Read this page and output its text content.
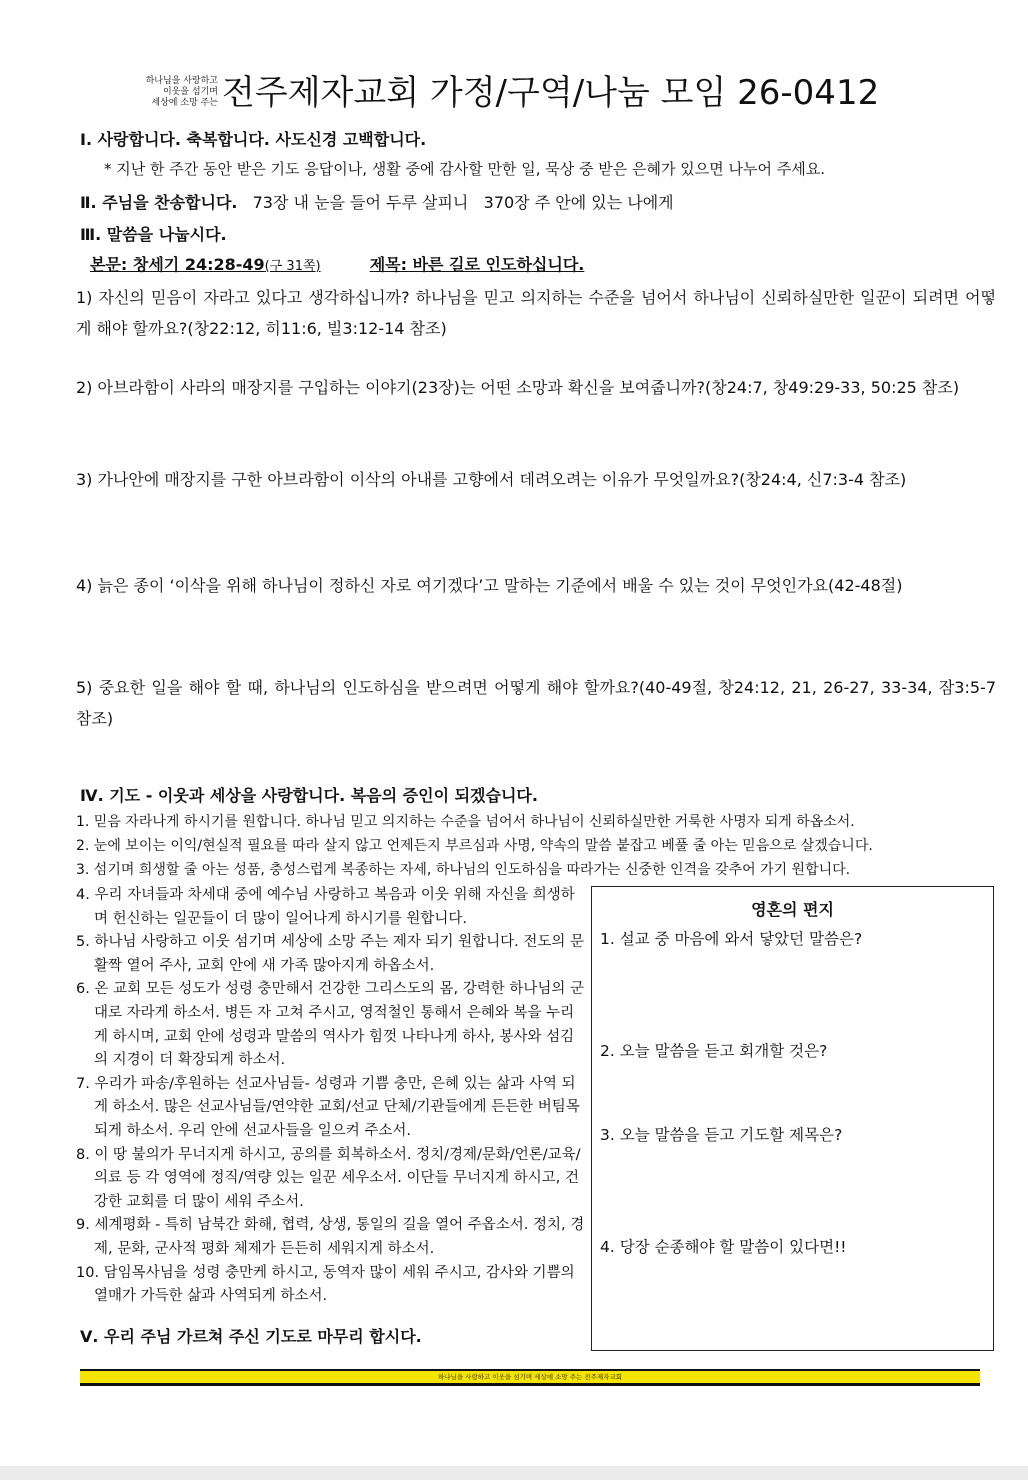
하나님을 사랑하고
이웃을 섬기며
세상에 소망 주는 전주제자교회 가정/구역/나눔 모임 26-0412
Ⅰ. 사랑합니다. 축복합니다. 사도신경 고백합니다.
* 지난 한 주간 동안 받은 기도 응답이나, 생활 중에 감사할 만한 일, 묵상 중 받은 은혜가 있으면 나누어 주세요.
Ⅱ. 주님을 찬송합니다. 73장 내 눈을 들어 두루 살피니   370장 주 안에 있는 나에게
Ⅲ. 말씀을 나눕시다.
본문: 창세기 24:28-49(구 31쪽)	제목: 바른 길로 인도하십니다.
1) 자신의 믿음이 자라고 있다고 생각하십니까? 하나님을 믿고 의지하는 수준을 넘어서 하나님이 신뢰하실만한 일꾼이 되려면 어떻게 해야 할까요?(창22:12, 히11:6, 빌3:12-14 참조)
2) 아브라함이 사라의 매장지를 구입하는 이야기(23장)는 어떤 소망과 확신을 보여줍니까?(창24:7, 창49:29-33, 50:25 참조)
3) 가나안에 매장지를 구한 아브라함이 이삭의 아내를 고향에서 데려오려는 이유가 무엇일까요?(창24:4, 신7:3-4 참조)
4) 늙은 종이 ‘이삭을 위해 하나님이 정하신 자로 여기겠다’고 말하는 기준에서 배울 수 있는 것이 무엇인가요(42-48절)
5) 중요한 일을 해야 할 때, 하나님의 인도하심을 받으려면 어떻게 해야 할까요?(40-49절, 창24:12, 21, 26-27, 33-34, 잠3:5-7 참조)
Ⅳ. 기도 - 이웃과 세상을 사랑합니다. 복음의 증인이 되겠습니다.
1. 믿음 자라나게 하시기를 원합니다. 하나님 믿고 의지하는 수준을 넘어서 하나님이 신뢰하실만한 거룩한 사명자 되게 하옵소서.
2. 눈에 보이는 이익/현실적 필요를 따라 살지 않고 언제든지 부르심과 사명, 약속의 말씀 붙잡고 베풀 줄 아는 믿음으로 살겠습니다.
3. 섬기며 희생할 줄 아는 성품, 충성스럽게 복종하는 자세, 하나님의 인도하심을 따라가는 신중한 인격을 갖추어 가기 원합니다.
4. 우리 자녀들과 차세대 중에 예수님 사랑하고 복음과 이웃 위해 자신을 희생하며 헌신하는 일꾼들이 더 많이 일어나게 하시기를 원합니다.
5. 하나님 사랑하고 이웃 섬기며 세상에 소망 주는 제자 되기 원합니다. 전도의 문 활짝 열어 주사, 교회 안에 새 가족 많아지게 하옵소서.
6. 온 교회 모든 성도가 성령 충만해서 건강한 그리스도의 몸, 강력한 하나님의 군대로 자라게 하소서. 병든 자 고쳐 주시고, 영적철인 통해서 은혜와 복을 누리게 하시며, 교회 안에 성령과 말씀의 역사가 힘껏 나타나게 하사, 봉사와 섬김의 지경이 더 확장되게 하소서.
7. 우리가 파송/후원하는 선교사님들- 성령과 기쁨 충만, 은혜 있는 삶과 사역 되게 하소서. 많은 선교사님들/연약한 교회/선교 단체/기관들에게 든든한 버팀목 되게 하소서. 우리 안에 선교사들을 일으켜 주소서.
8. 이 땅 불의가 무너지게 하시고, 공의를 회복하소서. 정치/경제/문화/언론/교육/의료 등 각 영역에 정직/역량 있는 일꾼 세우소서. 이단들 무너지게 하시고, 건강한 교회를 더 많이 세워 주소서.
9. 세계평화 - 특히 남북간 화해, 협력, 상생, 통일의 길을 열어 주옵소서. 정치, 경제, 문화, 군사적 평화 체제가 든든히 세워지게 하소서.
10. 담임목사님을 성령 충만케 하시고, 동역자 많이 세워 주시고, 감사와 기쁨의 열매가 가득한 삶과 사역되게 하소서.
Ⅴ. 우리 주님 가르쳐 주신 기도로 마무리 합시다.
영혼의 편지
1. 설교 중 마음에 와서 닿았던 말씀은?
2. 오늘 말씀을 듣고 회개할 것은?
3. 오늘 말씀을 듣고 기도할 제목은?
4. 당장 순종해야 할 말씀이 있다면!!
하나님을 사랑하고 이웃을 섬기며 세상에 소망 주는 전주제자교회
